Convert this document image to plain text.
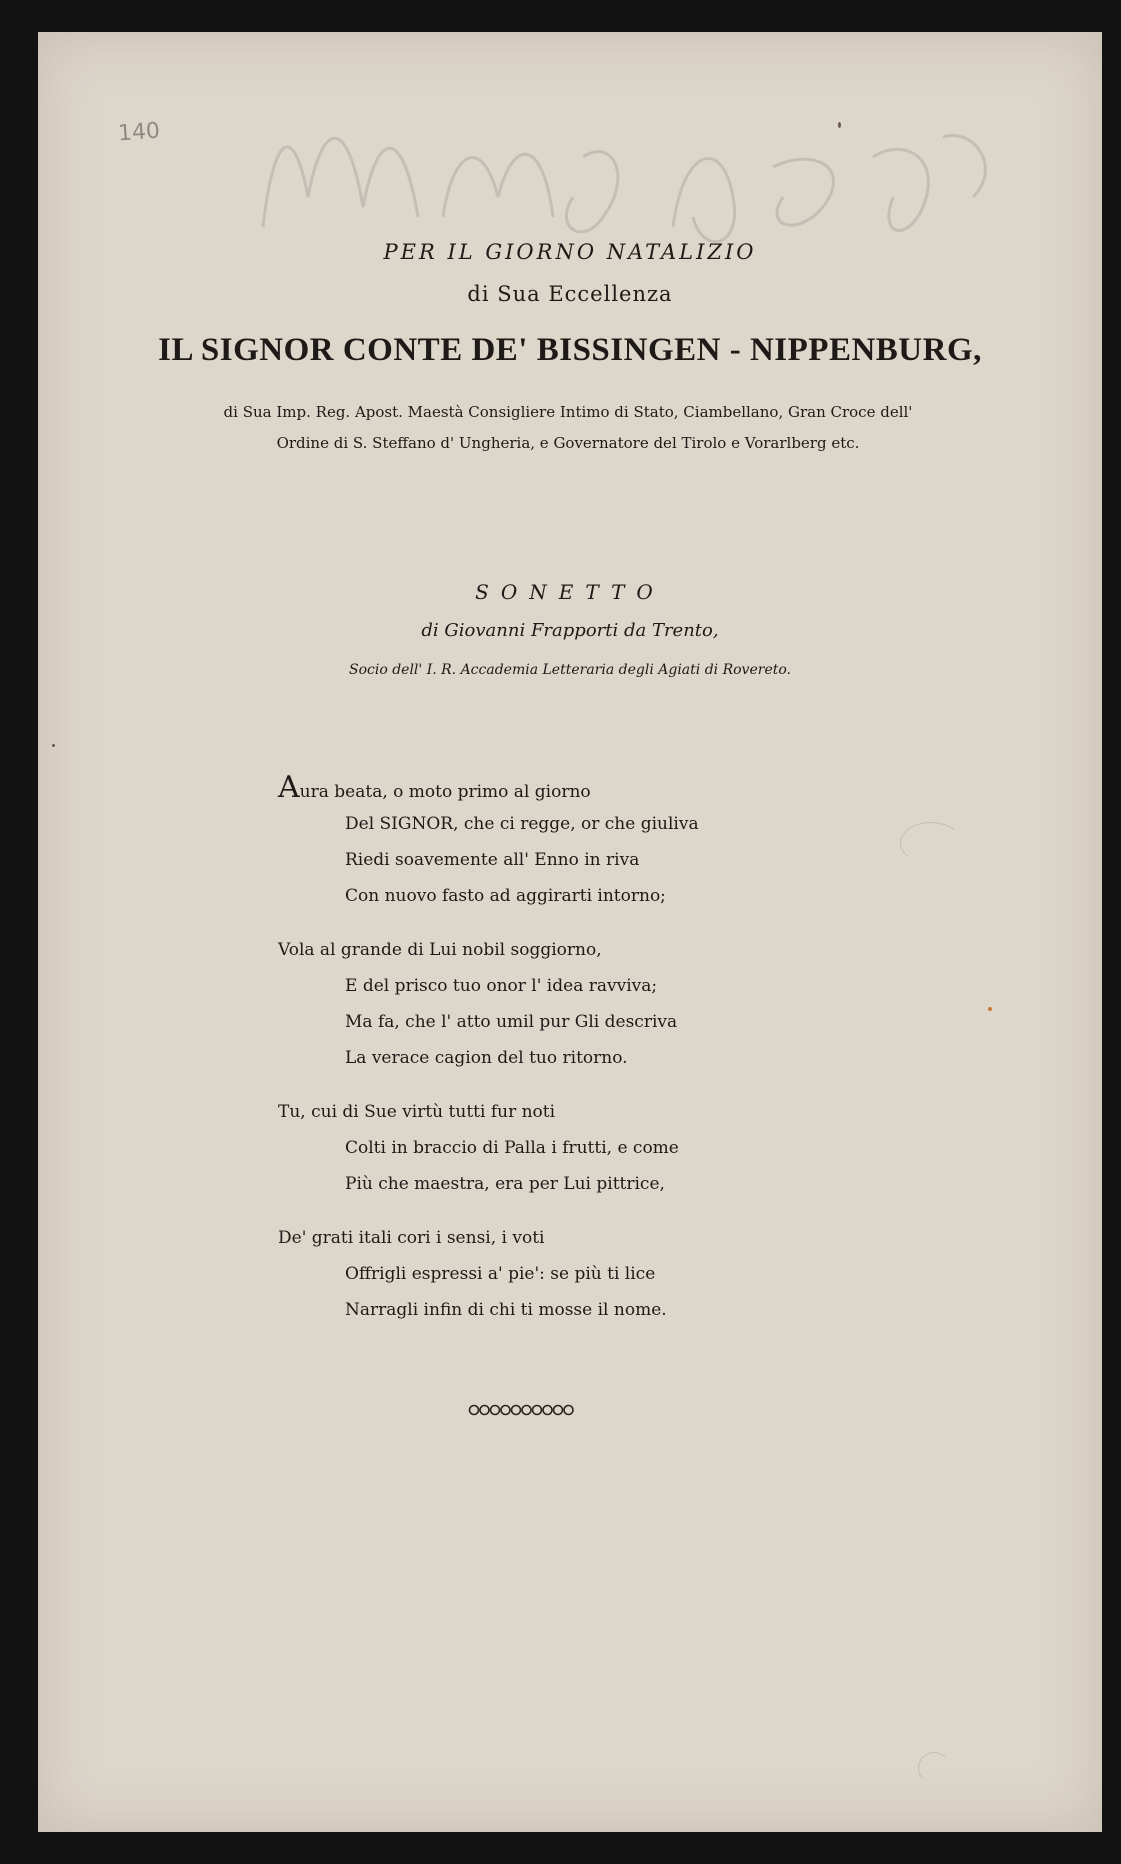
140
PER IL GIORNO NATALIZIO
di Sua Eccellenza
IL SIGNOR CONTE DE' BISSINGEN - NIPPENBURG,
di Sua Imp. Reg. Apost. Maestà Consigliere Intimo di Stato, Ciambellano, Gran Croce dell'
Ordine di S. Steffano d' Ungheria, e Governatore del Tirolo e Vorarlberg etc.
SONETTO
di Giovanni Frapporti da Trento,
Socio dell' I. R. Accademia Letteraria degli Agiati di Rovereto.
Aura beata, o moto primo al giorno
Del SIGNOR, che ci regge, or che giuliva
Riedi soavemente all' Enno in riva
Con nuovo fasto ad aggirarti intorno;
Vola al grande di Lui nobil soggiorno,
E del prisco tuo onor l' idea ravviva;
Ma fa, che l' atto umil pur Gli descriva
La verace cagion del tuo ritorno.
Tu, cui di Sue virtù tutti fur noti
Colti in braccio di Palla i frutti, e come
Più che maestra, era per Lui pittrice,
De' grati itali cori i sensi, i voti
Offrigli espressi a' pie': se più ti lice
Narragli infin di chi ti mosse il nome.
